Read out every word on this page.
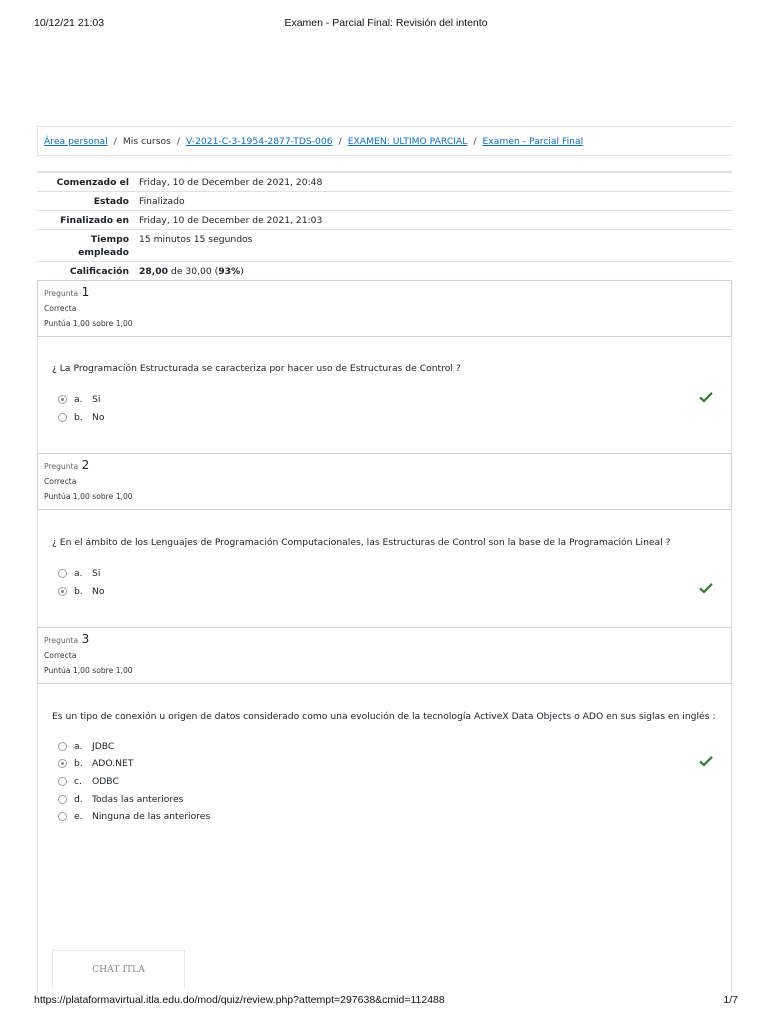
10/12/21 21:03	Examen - Parcial Final: Revisión del intento
Área personal / Mis cursos / V-2021-C-3-1954-2877-TDS-006 / EXAMEN: ULTIMO PARCIAL / Examen - Parcial Final
Comenzado el	Friday, 10 de December de 2021, 20:48
Estado	Finalizado
Finalizado en	Friday, 10 de December de 2021, 21:03
Tiempo
empleado	15 minutos 15 segundos
Calificación	28,00 de 30,00 (93%)
Pregunta 1
Correcta
Puntúa 1,00 sobre 1,00
¿ La Programación Estructurada se caracteriza por hacer uso de Estructuras de Control ?
a.	Si
b.	No
Pregunta 2
Correcta
Puntúa 1,00 sobre 1,00
¿ En el ámbito de los Lenguajes de Programación Computacionales, las Estructuras de Control son la base de la Programación Lineal ?
a.	Si
b.	No
Pregunta 3
Correcta
Puntúa 1,00 sobre 1,00
Es un tipo de conexión u origen de datos considerado como una evolución de la tecnología ActiveX Data Objects o ADO en sus siglas en inglés :
a.	JDBC
b.	ADO.NET
c.	ODBC
d.	Todas las anteriores
e.	Ninguna de las anteriores
CHAT ITLA
https://plataformavirtual.itla.edu.do/mod/quiz/review.php?attempt=297638&cmid=112488	1/7
